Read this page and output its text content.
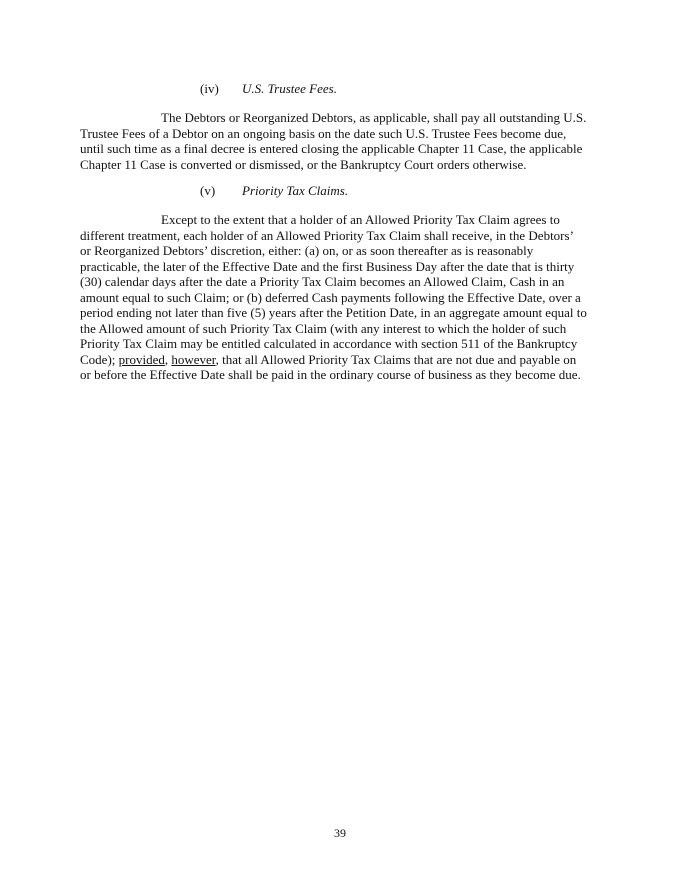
(iv) U.S. Trustee Fees.
The Debtors or Reorganized Debtors, as applicable, shall pay all outstanding U.S.
Trustee Fees of a Debtor on an ongoing basis on the date such U.S. Trustee Fees become due,
until such time as a final decree is entered closing the applicable Chapter 11 Case, the applicable
Chapter 11 Case is converted or dismissed, or the Bankruptcy Court orders otherwise.
(v) Priority Tax Claims.
Except to the extent that a holder of an Allowed Priority Tax Claim agrees to
different treatment, each holder of an Allowed Priority Tax Claim shall receive, in the Debtors’
or Reorganized Debtors’ discretion, either: (a) on, or as soon thereafter as is reasonably
practicable, the later of the Effective Date and the first Business Day after the date that is thirty
(30) calendar days after the date a Priority Tax Claim becomes an Allowed Claim, Cash in an
amount equal to such Claim; or (b) deferred Cash payments following the Effective Date, over a
period ending not later than five (5) years after the Petition Date, in an aggregate amount equal to
the Allowed amount of such Priority Tax Claim (with any interest to which the holder of such
Priority Tax Claim may be entitled calculated in accordance with section 511 of the Bankruptcy
Code); provided, however, that all Allowed Priority Tax Claims that are not due and payable on
or before the Effective Date shall be paid in the ordinary course of business as they become due.
39
